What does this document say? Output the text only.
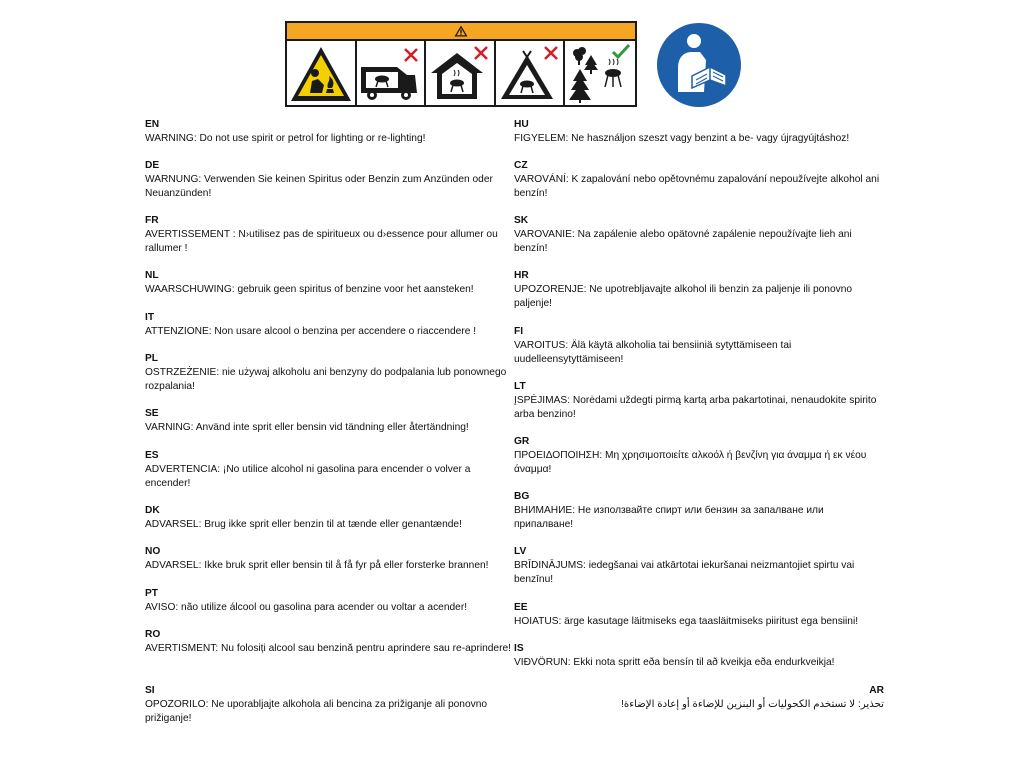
EN
WARNING: Do not use spirit or petrol for lighting or re-lighting!
DE
WARNUNG: Verwenden Sie keinen Spiritus oder Benzin zum Anzünden oder Neuanzünden!
FR
AVERTISSEMENT : N›utilisez pas de spiritueux ou d›essence pour allumer ou rallumer !
NL
WAARSCHUWING: gebruik geen spiritus of benzine voor het aansteken!
IT
ATTENZIONE: Non usare alcool o benzina per accendere o riaccendere !
PL
OSTRZEŻENIE: nie używaj alkoholu ani benzyny do podpalania lub ponownego rozpalania!
SE
VARNING: Använd inte sprit eller bensin vid tändning eller återtändning!
ES
ADVERTENCIA: ¡No utilice alcohol ni gasolina para encender o volver a encender!
DK
ADVARSEL: Brug ikke sprit eller benzin til at tænde eller genantænde!
NO
ADVARSEL: Ikke bruk sprit eller bensin til å få fyr på eller forsterke brannen!
PT
AVISO: não utilize álcool ou gasolina para acender ou voltar a acender!
RO
AVERTISMENT: Nu folosiți alcool sau benzină pentru aprindere sau re-aprindere!
SI
OPOZORILO: Ne uporabljajte alkohola ali bencina za prižiganje ali ponovno prižiganje!
HU
FIGYELEM: Ne használjon szeszt vagy benzint a be- vagy újragyújtáshoz!
CZ
VAROVÁNÍ: K zapalování nebo opětovnému zapalování nepoužívejte alkohol ani benzín!
SK
VAROVANIE: Na zapálenie alebo opätovné zapálenie nepoužívajte lieh ani benzín!
HR
UPOZORENJE: Ne upotrebljavajte alkohol ili benzin za paljenje ili ponovno paljenje!
FI
VAROITUS: Älä käytä alkoholia tai bensiiniä sytyttämiseen tai uudelleensytyttämiseen!
LT
ĮSPĖJIMAS: Norėdami uždegti pirmą kartą arba pakartotinai, nenaudokite spirito arba benzino!
GR
ΠΡΟΕΙΔΟΠΟΙΗΣΗ: Μη χρησιμοποιείτε αλκοόλ ή βενζίνη για άναμμα ή εκ νέου άναμμα!
BG
ВНИМАНИЕ: Не използвайте спирт или бензин за запалване или припалване!
LV
BRĪDINĀJUMS: iedegšanai vai atkārtotai iekuršanai neizmantojiet spirtu vai benzīnu!
EE
HOIATUS: ärge kasutage läitmiseks ega taasläitmiseks piiritust ega bensiini!
IS
VIÐVÖRUN: Ekki nota spritt eða bensín til að kveikja eða endurkveikja!
AR
تحذير: لا تستخدم الكحوليات أو البنزين للإضاءة أو إعادة الإضاءة!
